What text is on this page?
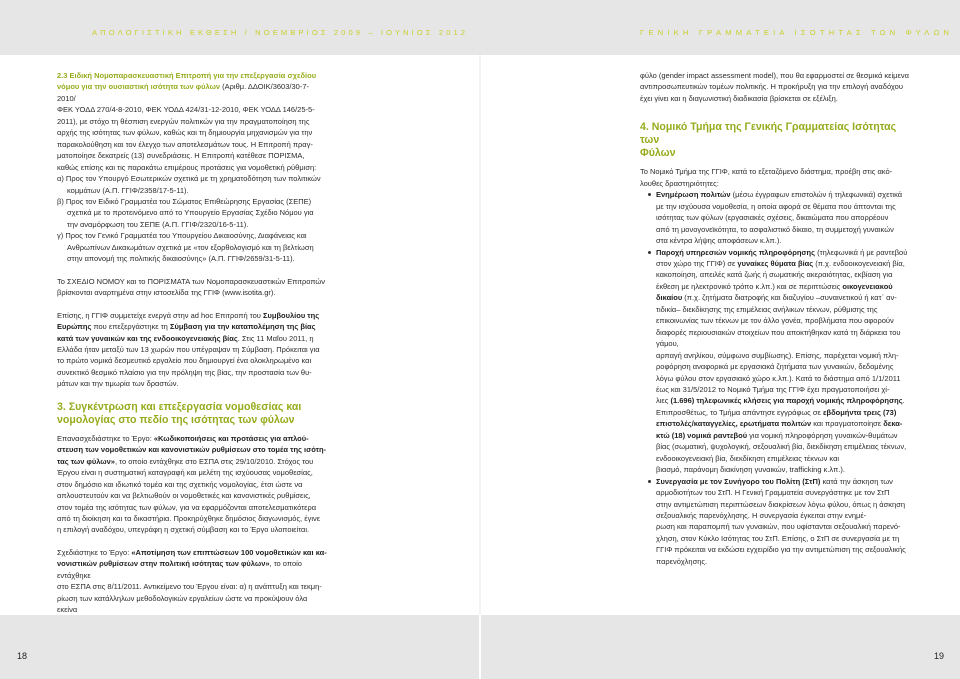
ΑΠΟΛΟΓΙΣΤΙΚΗ ΕΚΘΕΣΗ / ΝΟΕΜΒΡΙΟΣ 2009 – ΙΟΥΝΙΟΣ 2012	ΓΕΝΙΚΗ ΓΡΑΜΜΑΤΕΙΑ ΙΣΟΤΗΤΑΣ ΤΩΝ ΦΥΛΩΝ

2.3 Ειδική Νομοπαρασκευαστική Επιτροπή για την επεξεργασία σχεδίου

νόμου για την ουσιαστική ισότητα των φύλων (Αριθμ. ΔΔΟΙΚ/3603/30-7-2010/

ΦΕΚ ΥΟΔΔ 270/4-8-2010, ΦΕΚ ΥΟΔΔ 424/31-12-2010, ΦΕΚ ΥΟΔΔ 146/25-5-

2011), με στόχο τη θέσπιση ενεργών πολιτικών για την πραγματοποίηση της

αρχής της ισότητας των φύλων, καθώς και τη δημιουργία μηχανισμών για την

παρακολούθηση και τον έλεγχο των αποτελεσμάτων τους. Η Επιτροπή πραγ-

ματοποίησε δεκατρείς (13) συνεδριάσεις. Η Επιτροπή κατέθεσε ΠΟΡΙΣΜΑ,

καθώς επίσης και τις παρακάτω επιμέρους προτάσεις για νομοθετική ρύθμιση:

α) Προς τον Υπουργό Εσωτερικών σχετικά με τη χρηματοδότηση των πολιτικών

κομμάτων (Α.Π. ΓΓΙΦ/2358/17-5-11).

β) Προς τον Ειδικό Γραμματέα του Σώματος Επιθεώρησης Εργασίας (ΣΕΠΕ)

σχετικά με το προτεινόμενο από το Υπουργείο Εργασίας Σχέδιο Νόμου για

την αναμόρφωση του ΣΕΠΕ (Α.Π. ΓΓΙΦ/2320/16-5-11).

γ) Προς τον Γενικό Γραμματέα του Υπουργείου Δικαιοσύνης, Διαφάνειας και

Ανθρωπίνων Δικαιωμάτων σχετικά με «τον εξορθολογισμό και τη βελτίωση

στην απονομή της πολιτικής δικαιοσύνης» (Α.Π. ΓΓΙΦ/2659/31-5-11).

Το ΣΧΕΔΙΟ ΝΟΜΟΥ και το ΠΟΡΙΣΜΑΤΑ των Νομοπαρασκευαστικών Επιτροπών

βρίσκονται αναρτημένα στην ιστοσελίδα της ΓΓΙΦ (www.isotita.gr).

Επίσης, η ΓΓΙΦ συμμετείχε ενεργά στην ad hoc Επιτροπή του Συμβουλίου της

Ευρώπης που επεξεργάστηκε τη Σύμβαση για την καταπολέμηση της βίας

κατά των γυναικών και της ενδοοικογενειακής βίας. Στις 11 Μαΐου 2011, η

Ελλάδα ήταν μεταξύ των 13 χωρών που υπέγραψαν τη Σύμβαση. Πρόκειται για

το πρώτο νομικά δεσμευτικό εργαλείο που δημιουργεί ένα ολοκληρωμένο και

συνεκτικό θεσμικό πλαίσιο για την πρόληψη της βίας, την προστασία των θυ-

μάτων και την τιμωρία των δραστών.

3. Συγκέντρωση και επεξεργασία νομοθεσίας και

νομολογίας στο πεδίο της ισότητας των φύλων

Επανασχεδιάστηκε το Έργο: «Κωδικοποιήσεις και προτάσεις για απλού-

στευση των νομοθετικών και κανονιστικών ρυθμίσεων στο τομέα της ισότη-

τας των φύλων», το οποίο εντάχθηκε στο ΕΣΠΑ στις 29/10/2010. Στόχος του

Έργου είναι η συστηματική καταγραφή και μελέτη της ισχύουσας νομοθεσίας,

στον δημόσιο και ιδιωτικό τομέα και της σχετικής νομολογίας, έτσι ώστε να

απλουστευτούν και να βελτιωθούν οι νομοθετικές και κανονιστικές ρυθμίσεις,

στον τομέα της ισότητας των φύλων, για να εφαρμόζονται αποτελεσματικότερα

από τη διοίκηση και τα δικαστήρια. Προκηρύχθηκε δημόσιος διαγωνισμός, έγινε

η επιλογή αναδόχου, υπεγράφη η σχετική σύμβαση και το Έργο υλοποιείται.

Σχεδιάστηκε το Έργο: «Αποτίμηση των επιπτώσεων 100 νομοθετικών και κα-

νονιστικών ρυθμίσεων στην πολιτική ισότητας των φύλων», το οποίο εντάχθηκε

στο ΕΣΠΑ στις 8/11/2011. Αντικείμενο του Έργου είναι: α) η ανάπτυξη και τεκμη-

ρίωση των κατάλληλων μεθοδολογικών εργαλείων ώστε να προκύψουν όλα εκείνα

φύλο (gender impact assessment model), που θα εφαρμοστεί σε θεσμικά κείμενα

αντιπροσωπευτικών τομέων πολιτικής. Η προκήρυξη για την επιλογή αναδόχου

έχει γίνει και η διαγωνιστική διαδικασία βρίσκεται σε εξέλιξη.

4. Νομικό Τμήμα της Γενικής Γραμματείας Ισότητας των

Φύλων

Το Νομικό Τμήμα της ΓΓΙΦ, κατά το εξεταζόμενο διάστημα, προέβη στις ακό-

λουθες δραστηριότητες:

Ενημέρωση πολιτών (μέσω έγγραφων επιστολών ή τηλεφωνικά) σχετικά

με την ισχύουσα νομοθεσία, η οποία αφορά σε θέματα που άπτονται της

ισότητας των φύλων (εργασιακές σχέσεις, δικαιώματα που απορρέουν

από τη μονογονεϊκότητα, το ασφαλιστικό δίκαιο, τη συμμετοχή γυναικών

στα κέντρα λήψης αποφάσεων κ.λπ.).

Παροχή υπηρεσιών νομικής πληροφόρησης (τηλεφωνικά ή με ραντεβού

στον χώρο της ΓΓΙΦ) σε γυναίκες θύματα βίας (π.χ. ενδοοικογενειακή βία,

κακοποίηση, απειλές κατά ζωής ή σωματικής ακεραιότητας, εκβίαση για

έκθεση με ηλεκτρονικό τρόπο κ.λπ.) και σε περιπτώσεις οικογενειακού

δικαίου (π.χ. ζητήματα διατροφής και διαζυγίου –συναινετικού ή κατ᾽ αν-

τιδικία– διεκδίκησης της επιμέλειας ανήλικων τέκνων, ρύθμισης της

επικοινωνίας των τέκνων με τον άλλο γονέα, προβλήματα που αφορούν

διαφορές περιουσιακών στοιχείων που αποκτήθηκαν κατά τη διάρκεια του γάμου,

αρπαγή ανηλίκου, σύμφωνο συμβίωσης). Επίσης, παρέχεται νομική πλη-

ροφόρηση αναφορικά με εργασιακά ζητήματα των γυναικών, δεδομένης

λόγω φύλου στον εργασιακό χώρο κ.λπ.). Κατά το διάστημα από 1/1/2011

έως και 31/5/2012 το Νομικό Τμήμα της ΓΓΙΦ έχει πραγματοποιήσει χί-

λιες (1.696) τηλεφωνικές κλήσεις για παροχή νομικής πληροφόρησης.

Επιπροσθέτως, το Τμήμα απάντησε εγγράφως σε εβδομήντα τρεις (73)

επιστολές/καταγγελίες, ερωτήματα πολιτών και πραγματοποίησε δεκα-

κτώ (18) νομικά ραντεβού για νομική πληροφόρηση γυναικών-θυμάτων

βίας (σωματική, ψυχολογική, σεξουαλική βία, διεκδίκηση επιμέλειας τέκνων,

ενδοοικογενειακή βία, διεκδίκηση επιμέλειας τέκνων και

βιασμό, παράνομη διακίνηση γυναικών, trafficking κ.λπ.).

Συνεργασία με τον Συνήγορο του Πολίτη (ΣτΠ) κατά την άσκηση των

αρμοδιοτήτων του ΣτΠ. Η Γενική Γραμματεία συνεργάστηκε με τον ΣτΠ

στην αντιμετώπιση περιπτώσεων διακρίσεων λόγω φύλου, όπως η άσκηση

σεξουαλικής παρενόχλησης. Η συνεργασία έγκειται στην ενημέ-

ρωση και παραπομπή των γυναικών, που υφίστανται σεξουαλική παρενό-

χληση, στον Κύκλο Ισότητας του ΣτΠ. Επίσης, ο ΣτΠ σε συνεργασία με τη

ΓΓΙΦ πρόκειται να εκδώσει εγχειρίδιο για την αντιμετώπιση της σεξουαλικής

παρενόχλησης.

18	19
